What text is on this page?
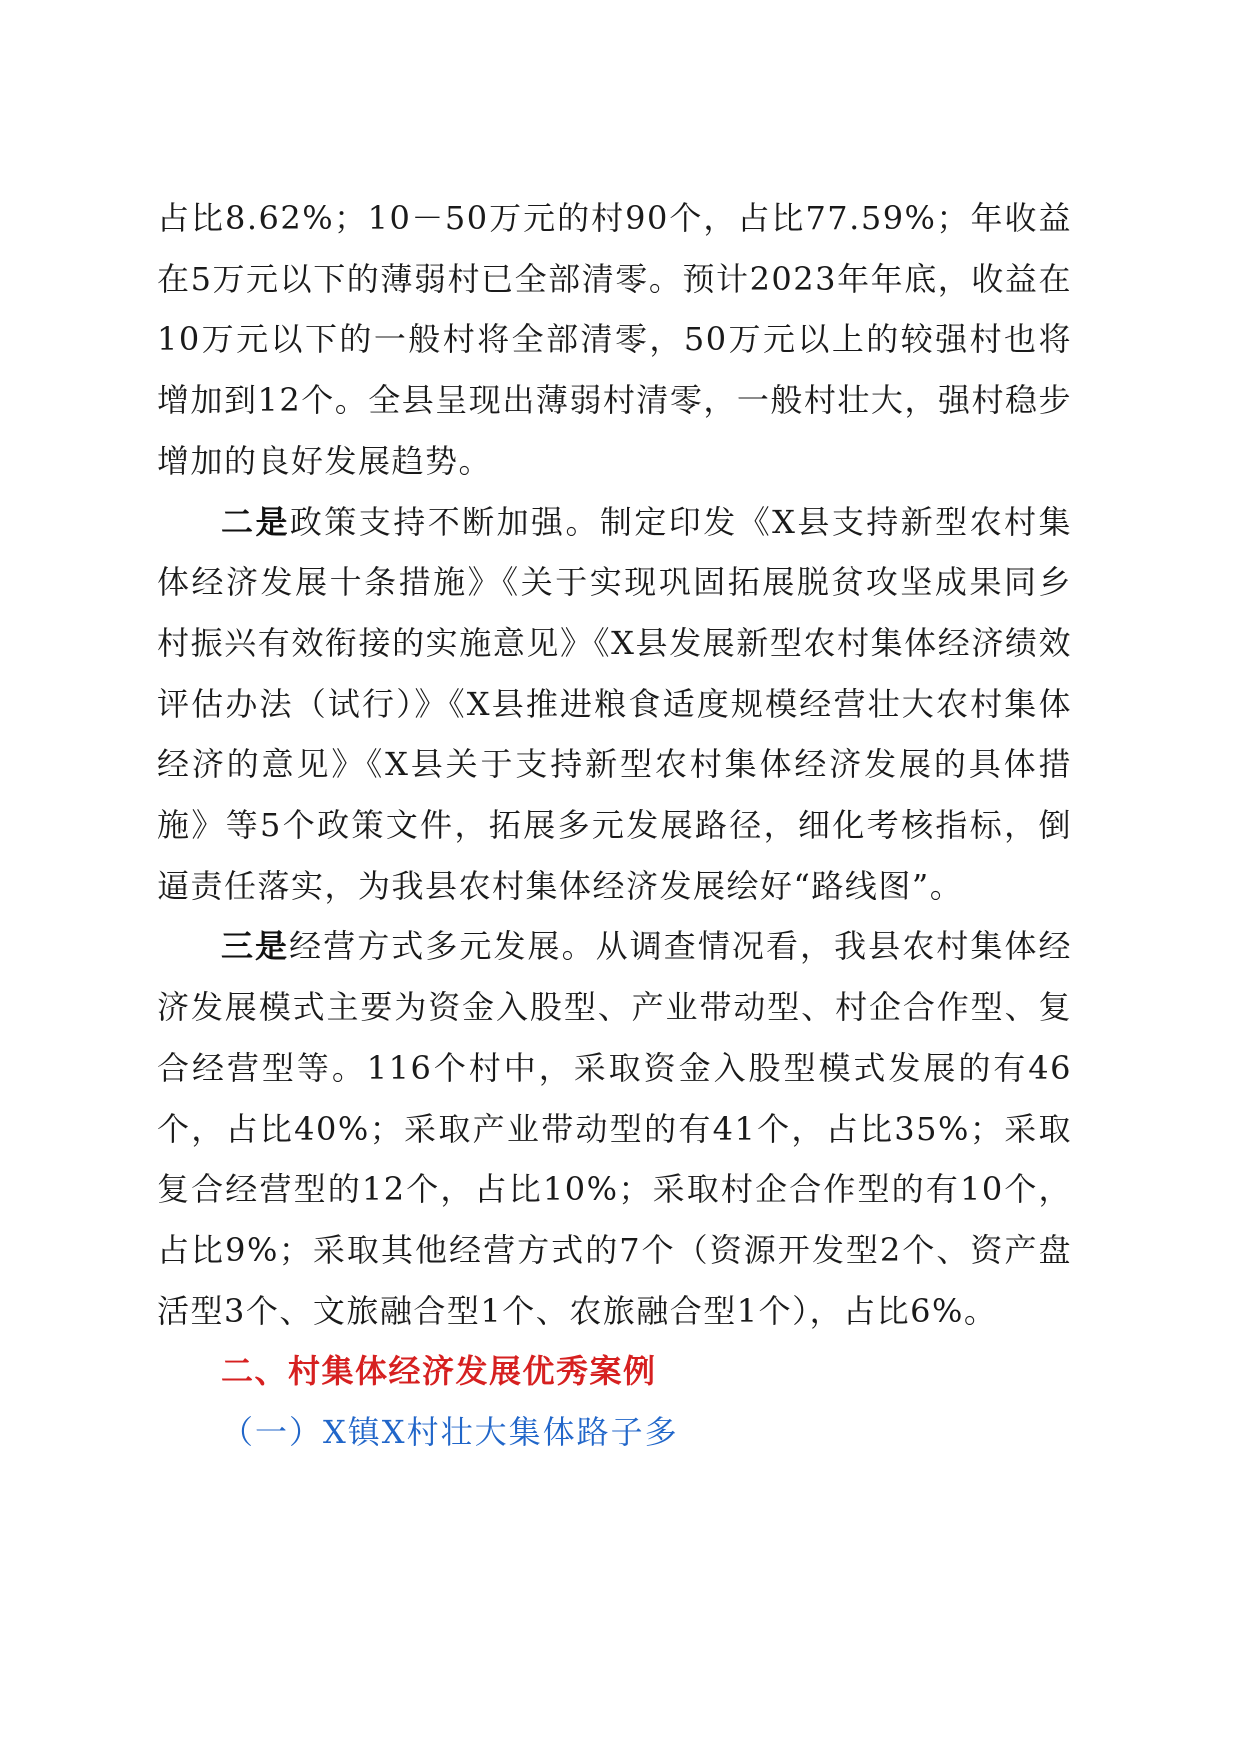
占比8.62%；10－50万元的村90个，占比77.59%；年收益在5万元以下的薄弱村已全部清零。预计2023年年底，收益在10万元以下的一般村将全部清零，50万元以上的较强村也将增加到12个。全县呈现出薄弱村清零，一般村壮大，强村稳步增加的良好发展趋势。

二是政策支持不断加强。制定印发《X县支持新型农村集体经济发展十条措施》《关于实现巩固拓展脱贫攻坚成果同乡村振兴有效衔接的实施意见》《X县发展新型农村集体经济绩效评估办法（试行）》《X县推进粮食适度规模经营壮大农村集体经济的意见》《X县关于支持新型农村集体经济发展的具体措施》等5个政策文件，拓展多元发展路径，细化考核指标，倒逼责任落实，为我县农村集体经济发展绘好“路线图”。

三是经营方式多元发展。从调查情况看，我县农村集体经济发展模式主要为资金入股型、产业带动型、村企合作型、复合经营型等。116个村中，采取资金入股型模式发展的有46个，占比40%；采取产业带动型的有41个，占比35%；采取复合经营型的12个，占比10%；采取村企合作型的有10个，占比9%；采取其他经营方式的7个（资源开发型2个、资产盘活型3个、文旅融合型1个、农旅融合型1个），占比6%。

二、村集体经济发展优秀案例

（一）X镇X村壮大集体路子多
